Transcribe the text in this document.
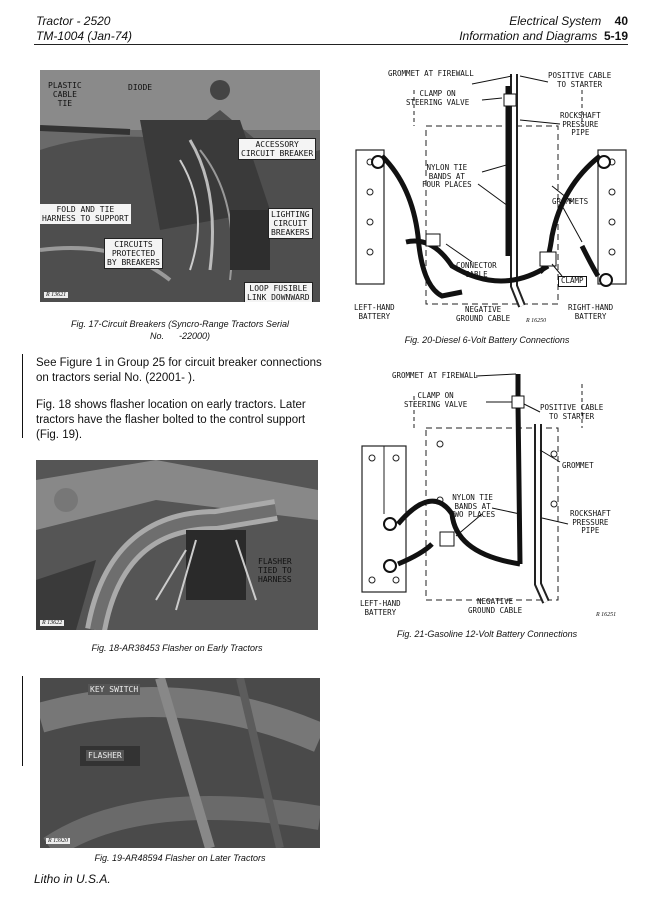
Tractor - 2520
TM-1004 (Jan-74)
Electrical System 40
Information and Diagrams 5-19
PLASTIC
CABLE
TIE
DIODE
ACCESSORY
CIRCUIT BREAKER
FOLD AND TIE
HARNESS TO SUPPORT	LIGHTING
CIRCUIT
BREAKERS
CIRCUITS
PROTECTED
BY BREAKERS
LOOP FUSIBLE
LINK DOWNWARD
R 13621
Fig. 17-Circuit Breakers (Syncro-Range Tractors Serial
No.      -22000)
See Figure 1 in Group 25 for circuit breaker connections on tractors serial No. (22001- ).
Fig. 18 shows flasher location on early tractors. Later tractors have the flasher bolted to the control support (Fig. 19).
FLASHER
TIED TO
HARNESS
R 13622
Fig. 18-AR38453 Flasher on Early Tractors
KEY SWITCH
FLASHER
R 13920
Fig. 19-AR48594 Flasher on Later Tractors
GROMMET AT FIREWALL
CLAMP ON
STEERING VALVE
POSITIVE CABLE
TO STARTER
ROCKSHAFT
PRESSURE
PIPE
NYLON TIE
BANDS AT
FOUR PLACES
GROMMETS
CONNECTOR
CABLE
CLAMP
LEFT-HAND
BATTERY
NEGATIVE
GROUND CABLE
RIGHT-HAND
BATTERY
R 16250
Fig. 20-Diesel 6-Volt Battery Connections
GROMMET AT FIREWALL
CLAMP ON
STEERING VALVE	POSITIVE CABLE
TO STARTER
GROMMET
NYLON TIE
BANDS AT
TWO PLACES	ROCKSHAFT
PRESSURE
PIPE
LEFT-HAND
BATTERY
NEGATIVE
GROUND CABLE
R 16251
Fig. 21-Gasoline 12-Volt Battery Connections
Litho in U.S.A.
